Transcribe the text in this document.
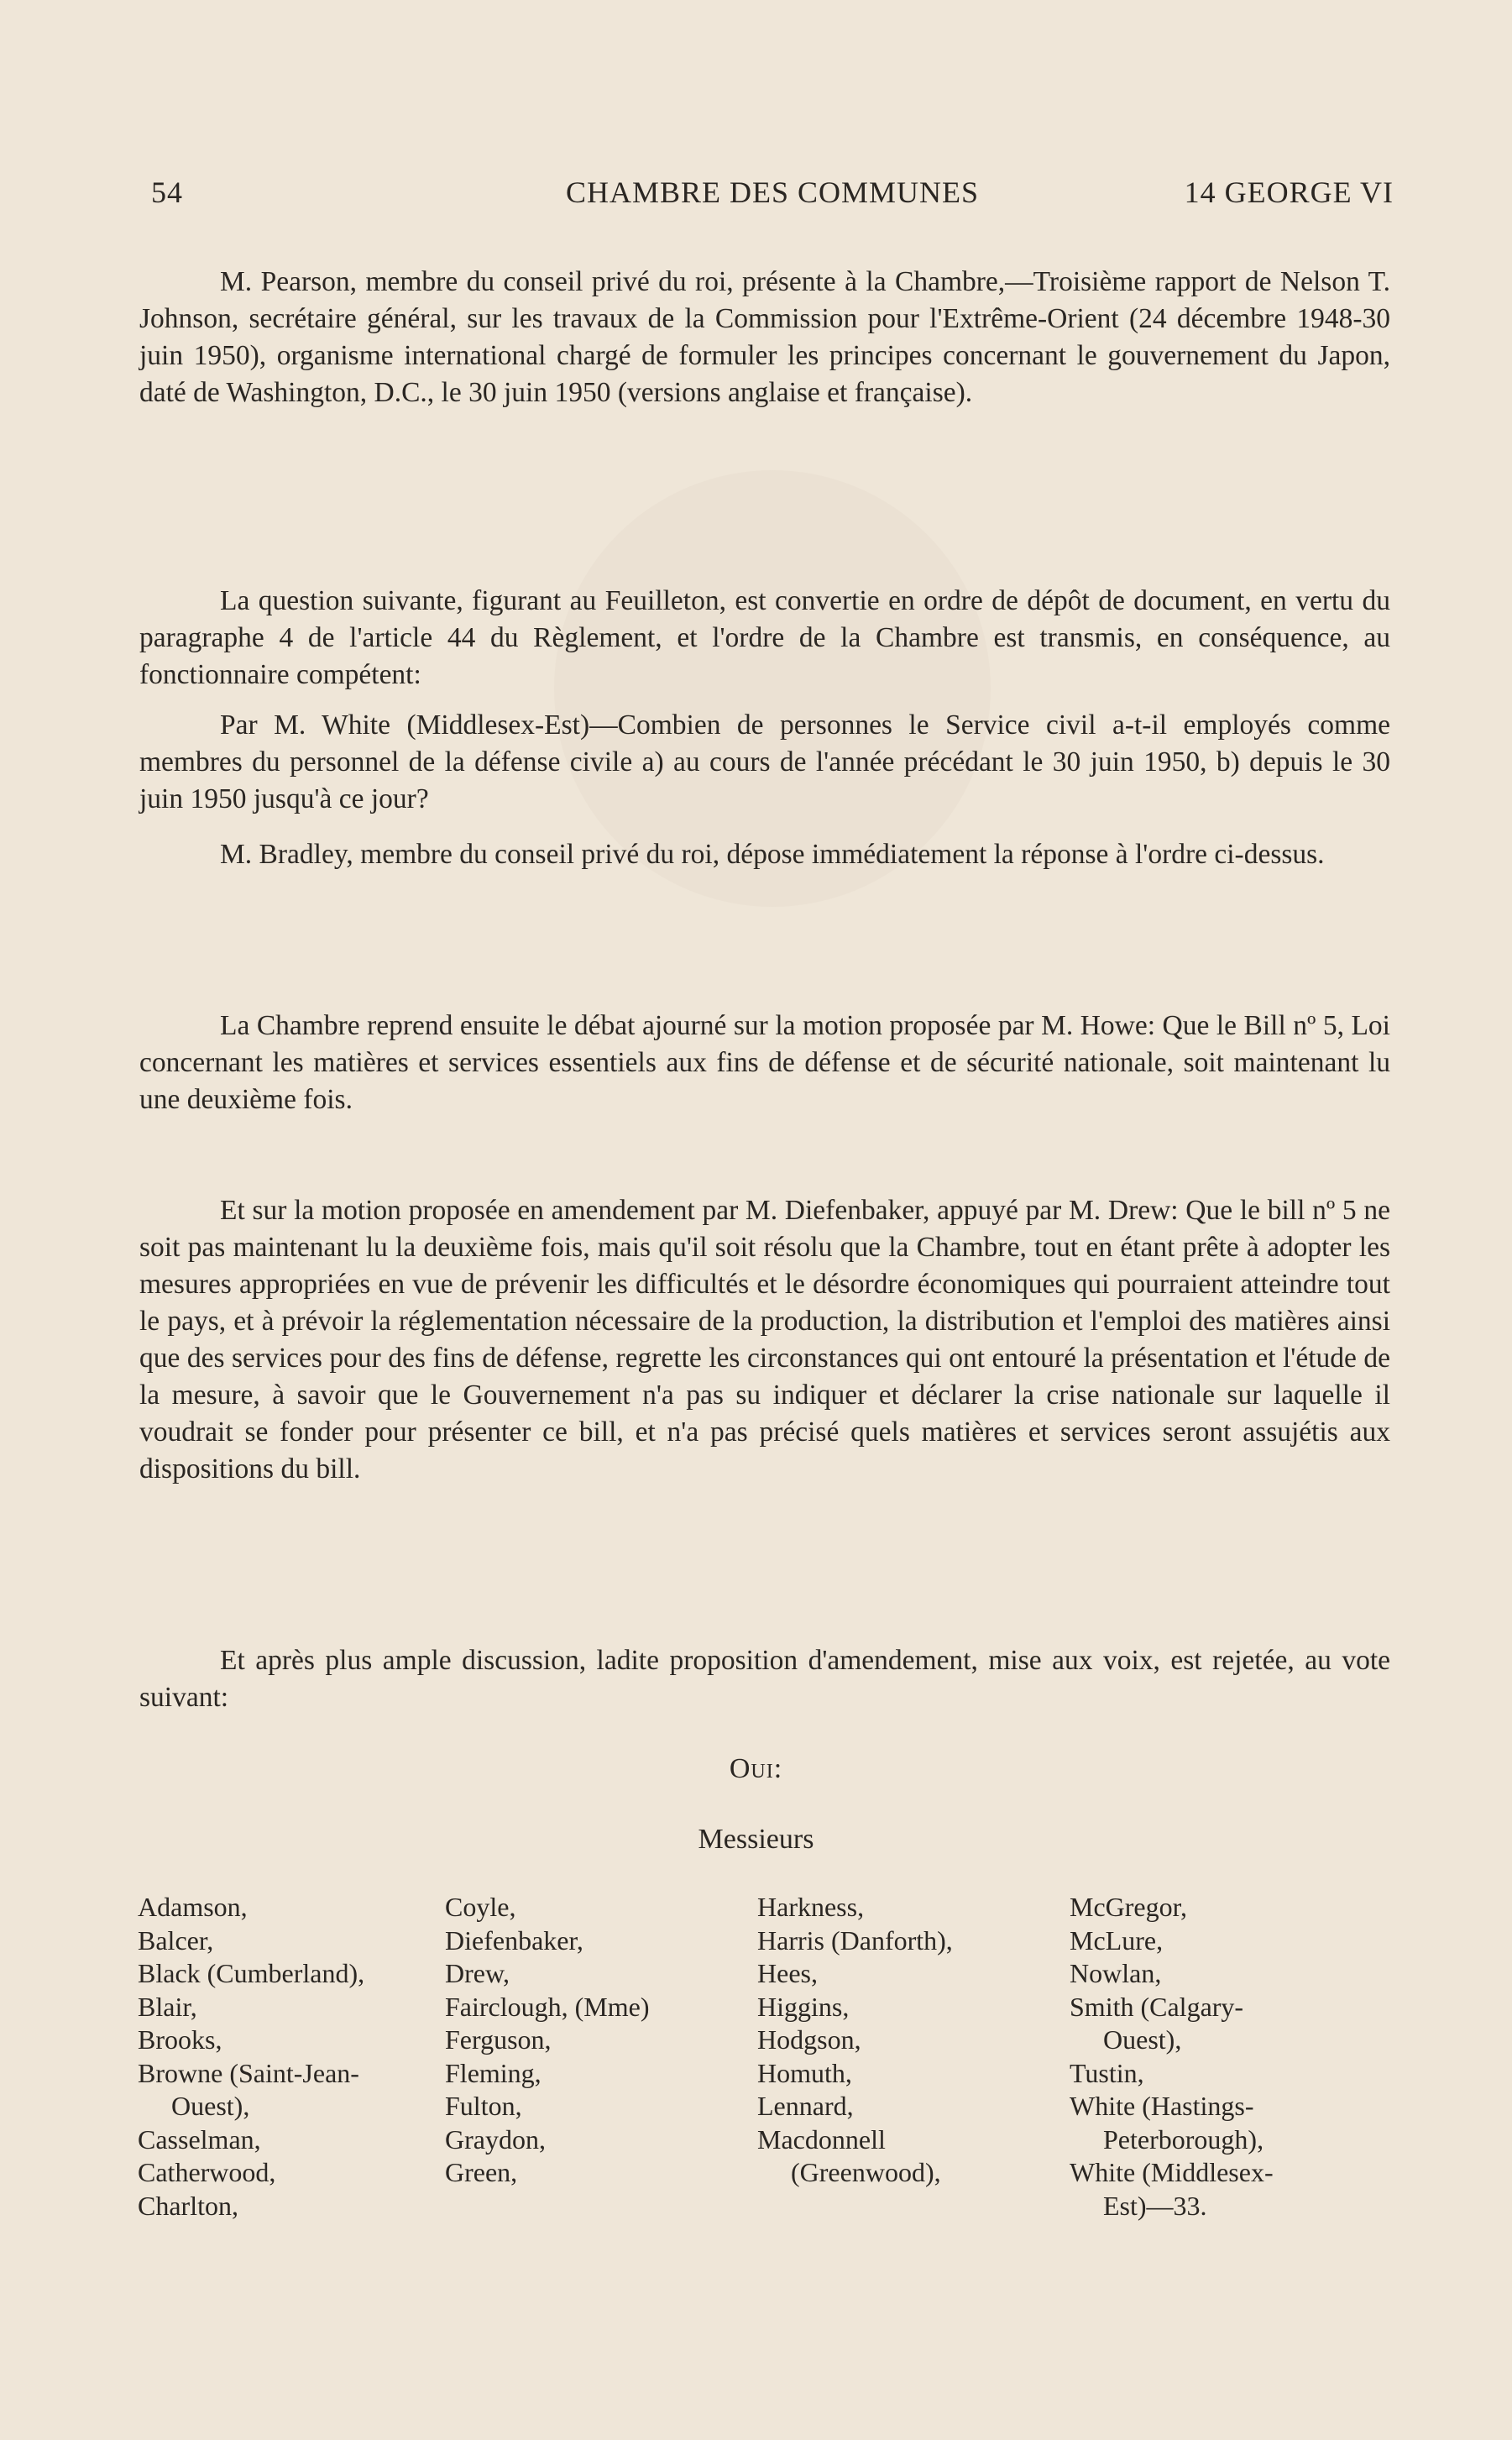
54	CHAMBRE DES COMMUNES	14 GEORGE VI

M. Pearson, membre du conseil privé du roi, présente à la Chambre,—Troisième rapport de Nelson T. Johnson, secrétaire général, sur les travaux de la Commission pour l'Extrême-Orient (24 décembre 1948-30 juin 1950), organisme international chargé de formuler les principes concernant le gouvernement du Japon, daté de Washington, D.C., le 30 juin 1950 (versions anglaise et française).

La question suivante, figurant au Feuilleton, est convertie en ordre de dépôt de document, en vertu du paragraphe 4 de l'article 44 du Règlement, et l'ordre de la Chambre est transmis, en conséquence, au fonctionnaire compétent:

Par M. White (Middlesex-Est)—Combien de personnes le Service civil a-t-il employés comme membres du personnel de la défense civile a) au cours de l'année précédant le 30 juin 1950, b) depuis le 30 juin 1950 jusqu'à ce jour?

M. Bradley, membre du conseil privé du roi, dépose immédiatement la réponse à l'ordre ci-dessus.

La Chambre reprend ensuite le débat ajourné sur la motion proposée par M. Howe: Que le Bill nº 5, Loi concernant les matières et services essentiels aux fins de défense et de sécurité nationale, soit maintenant lu une deuxième fois.

Et sur la motion proposée en amendement par M. Diefenbaker, appuyé par M. Drew: Que le bill nº 5 ne soit pas maintenant lu la deuxième fois, mais qu'il soit résolu que la Chambre, tout en étant prête à adopter les mesures appropriées en vue de prévenir les difficultés et le désordre économiques qui pourraient atteindre tout le pays, et à prévoir la réglementation nécessaire de la production, la distribution et l'emploi des matières ainsi que des services pour des fins de défense, regrette les circonstances qui ont entouré la présentation et l'étude de la mesure, à savoir que le Gouvernement n'a pas su indiquer et déclarer la crise nationale sur laquelle il voudrait se fonder pour présenter ce bill, et n'a pas précisé quels matières et services seront assujétis aux dispositions du bill.

Et après plus ample discussion, ladite proposition d'amendement, mise aux voix, est rejetée, au vote suivant:

Oui:
Messieurs
Adamson,
Balcer,
Black (Cumberland),
Blair,
Brooks,
Browne (Saint-Jean-
Ouest),
Casselman,
Catherwood,
Charlton,
Coyle,
Diefenbaker,
Drew,
Fairclough, (Mme)
Ferguson,
Fleming,
Fulton,
Graydon,
Green,
Harkness,
Harris (Danforth),
Hees,
Higgins,
Hodgson,
Homuth,
Lennard,
Macdonnell
(Greenwood),
McGregor,
McLure,
Nowlan,
Smith (Calgary-
Ouest),
Tustin,
White (Hastings-
Peterborough),
White (Middlesex-
Est)—33.
